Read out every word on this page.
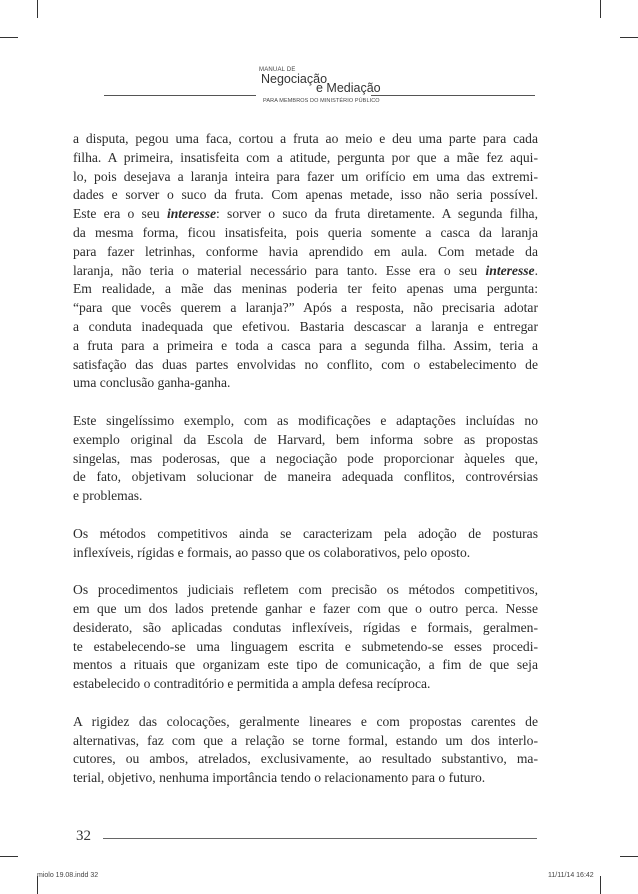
MANUAL DE
Negociação
e Mediação
PARA MEMBROS DO MINISTÉRIO PÚBLICO
a disputa, pegou uma faca, cortou a fruta ao meio e deu uma parte para cada
filha. A primeira, insatisfeita com a atitude, pergunta por que a mãe fez aqui-
lo, pois desejava a laranja inteira para fazer um orifício em uma das extremi-
dades e sorver o suco da fruta. Com apenas metade, isso não seria possível.
Este era o seu interesse: sorver o suco da fruta diretamente. A segunda filha,
da mesma forma, ficou insatisfeita, pois queria somente a casca da laranja
para fazer letrinhas, conforme havia aprendido em aula. Com metade da
laranja, não teria o material necessário para tanto. Esse era o seu interesse.
Em realidade, a mãe das meninas poderia ter feito apenas uma pergunta:
“para que vocês querem a laranja?” Após a resposta, não precisaria adotar
a conduta inadequada que efetivou. Bastaria descascar a laranja e entregar
a fruta para a primeira e toda a casca para a segunda filha. Assim, teria a
satisfação das duas partes envolvidas no conflito, com o estabelecimento de
uma conclusão ganha-ganha.
Este singelíssimo exemplo, com as modificações e adaptações incluídas no
exemplo original da Escola de Harvard, bem informa sobre as propostas
singelas, mas poderosas, que a negociação pode proporcionar àqueles que,
de fato, objetivam solucionar de maneira adequada conflitos, controvérsias
e problemas.
Os métodos competitivos ainda se caracterizam pela adoção de posturas
inflexíveis, rígidas e formais, ao passo que os colaborativos, pelo oposto.
Os procedimentos judiciais refletem com precisão os métodos competitivos,
em que um dos lados pretende ganhar e fazer com que o outro perca. Nesse
desiderato, são aplicadas condutas inflexíveis, rígidas e formais, geralmen-
te estabelecendo-se uma linguagem escrita e submetendo-se esses procedi-
mentos a rituais que organizam este tipo de comunicação, a fim de que seja
estabelecido o contraditório e permitida a ampla defesa recíproca.
A rigidez das colocações, geralmente lineares e com propostas carentes de
alternativas, faz com que a relação se torne formal, estando um dos interlo-
cutores, ou ambos, atrelados, exclusivamente, ao resultado substantivo, ma-
terial, objetivo, nenhuma importância tendo o relacionamento para o futuro.
32
miolo 19.08.indd 32	11/11/14 16:42
